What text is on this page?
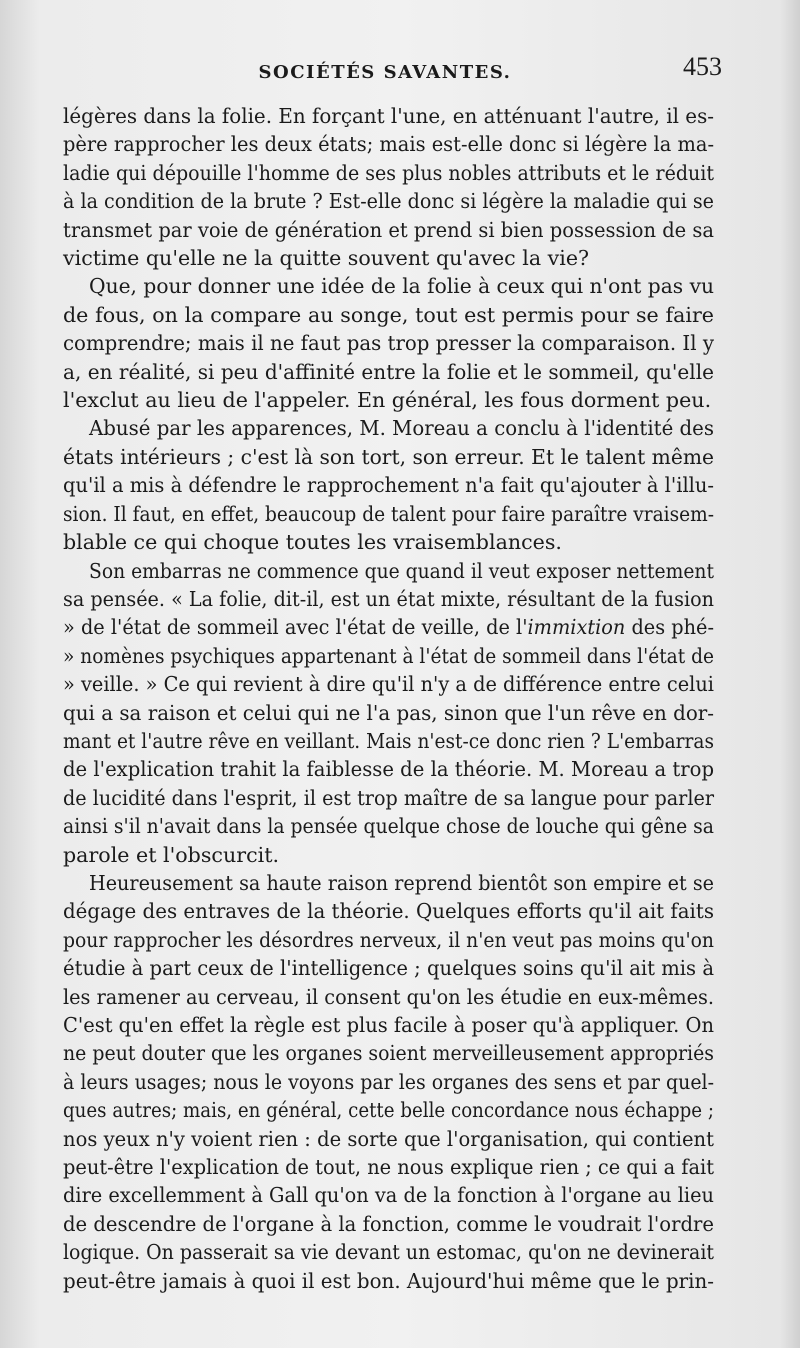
SOCIÉTÉS SAVANTES.	453
légères dans la folie. En forçant l'une, en atténuant l'autre, il es-
père rapprocher les deux états; mais est-elle donc si légère la ma-
ladie qui dépouille l'homme de ses plus nobles attributs et le réduit
à la condition de la brute ? Est-elle donc si légère la maladie qui se
transmet par voie de génération et prend si bien possession de sa
victime qu'elle ne la quitte souvent qu'avec la vie?
Que, pour donner une idée de la folie à ceux qui n'ont pas vu
de fous, on la compare au songe, tout est permis pour se faire
comprendre; mais il ne faut pas trop presser la comparaison. Il y
a, en réalité, si peu d'affinité entre la folie et le sommeil, qu'elle
l'exclut au lieu de l'appeler. En général, les fous dorment peu.
Abusé par les apparences, M. Moreau a conclu à l'identité des
états intérieurs ; c'est là son tort, son erreur. Et le talent même
qu'il a mis à défendre le rapprochement n'a fait qu'ajouter à l'illu-
sion. Il faut, en effet, beaucoup de talent pour faire paraître vraisem-
blable ce qui choque toutes les vraisemblances.
Son embarras ne commence que quand il veut exposer nettement
sa pensée. « La folie, dit-il, est un état mixte, résultant de la fusion
» de l'état de sommeil avec l'état de veille, de l'immixtion des phé-
» nomènes psychiques appartenant à l'état de sommeil dans l'état de
» veille. » Ce qui revient à dire qu'il n'y a de différence entre celui
qui a sa raison et celui qui ne l'a pas, sinon que l'un rêve en dor-
mant et l'autre rêve en veillant. Mais n'est-ce donc rien ? L'embarras
de l'explication trahit la faiblesse de la théorie. M. Moreau a trop
de lucidité dans l'esprit, il est trop maître de sa langue pour parler
ainsi s'il n'avait dans la pensée quelque chose de louche qui gêne sa
parole et l'obscurcit.
Heureusement sa haute raison reprend bientôt son empire et se
dégage des entraves de la théorie. Quelques efforts qu'il ait faits
pour rapprocher les désordres nerveux, il n'en veut pas moins qu'on
étudie à part ceux de l'intelligence ; quelques soins qu'il ait mis à
les ramener au cerveau, il consent qu'on les étudie en eux-mêmes.
C'est qu'en effet la règle est plus facile à poser qu'à appliquer. On
ne peut douter que les organes soient merveilleusement appropriés
à leurs usages; nous le voyons par les organes des sens et par quel-
ques autres; mais, en général, cette belle concordance nous échappe ;
nos yeux n'y voient rien : de sorte que l'organisation, qui contient
peut-être l'explication de tout, ne nous explique rien ; ce qui a fait
dire excellemment à Gall qu'on va de la fonction à l'organe au lieu
de descendre de l'organe à la fonction, comme le voudrait l'ordre
logique. On passerait sa vie devant un estomac, qu'on ne devinerait
peut-être jamais à quoi il est bon. Aujourd'hui même que le prin-
